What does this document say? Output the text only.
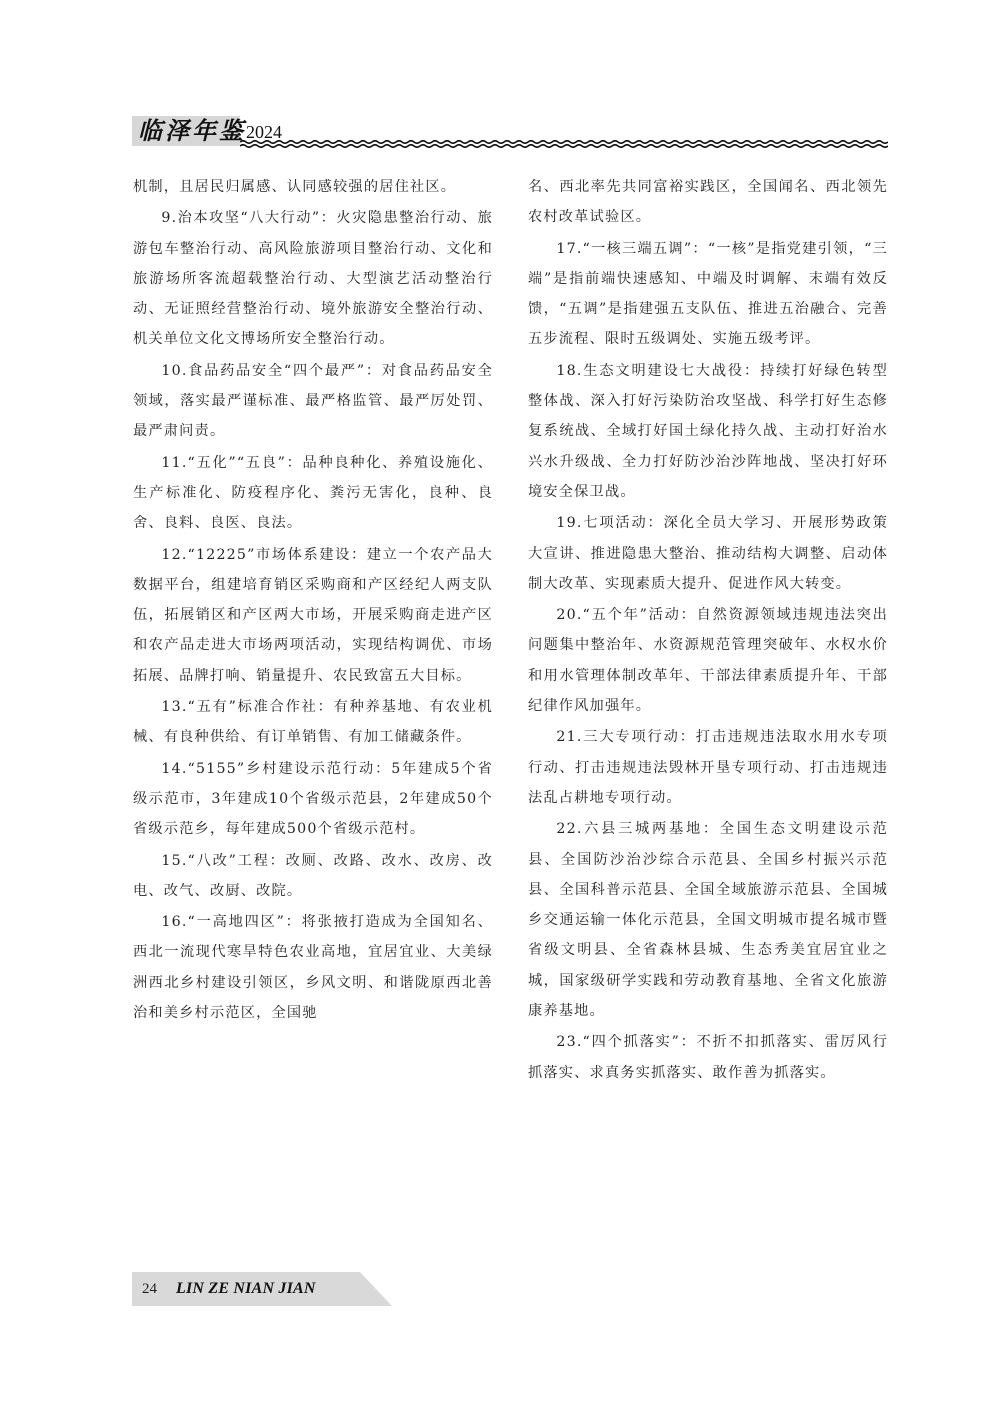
临泽年鉴 2024

机制，且居民归属感、认同感较强的居住社区。

9.治本攻坚“八大行动”：火灾隐患整治行动、旅游包车整治行动、高风险旅游项目整治行动、文化和旅游场所客流超载整治行动、大型演艺活动整治行动、无证照经营整治行动、境外旅游安全整治行动、机关单位文化文博场所安全整治行动。

10.食品药品安全“四个最严”：对食品药品安全领域，落实最严谨标准、最严格监管、最严厉处罚、最严肃问责。

11.“五化”“五良”：品种良种化、养殖设施化、生产标准化、防疫程序化、粪污无害化，良种、良舍、良料、良医、良法。

12.“12225”市场体系建设：建立一个农产品大数据平台，组建培育销区采购商和产区经纪人两支队伍，拓展销区和产区两大市场，开展采购商走进产区和农产品走进大市场两项活动，实现结构调优、市场拓展、品牌打响、销量提升、农民致富五大目标。

13.“五有”标准合作社：有种养基地、有农业机械、有良种供给、有订单销售、有加工储藏条件。

14.“5155”乡村建设示范行动：5年建成5个省级示范市，3年建成10个省级示范县，2年建成50个省级示范乡，每年建成500个省级示范村。

15.“八改”工程：改厕、改路、改水、改房、改电、改气、改厨、改院。

16.“一高地四区”：将张掖打造成为全国知名、西北一流现代寒旱特色农业高地，宜居宜业、大美绿洲西北乡村建设引领区，乡风文明、和谐陇原西北善治和美乡村示范区，全国驰

名、西北率先共同富裕实践区，全国闻名、西北领先农村改革试验区。

17.“一核三端五调”：“一核”是指党建引领，“三端”是指前端快速感知、中端及时调解、末端有效反馈，“五调”是指建强五支队伍、推进五治融合、完善五步流程、限时五级调处、实施五级考评。

18.生态文明建设七大战役：持续打好绿色转型整体战、深入打好污染防治攻坚战、科学打好生态修复系统战、全域打好国土绿化持久战、主动打好治水兴水升级战、全力打好防沙治沙阵地战、坚决打好环境安全保卫战。

19.七项活动：深化全员大学习、开展形势政策大宣讲、推进隐患大整治、推动结构大调整、启动体制大改革、实现素质大提升、促进作风大转变。

20.“五个年”活动：自然资源领域违规违法突出问题集中整治年、水资源规范管理突破年、水权水价和用水管理体制改革年、干部法律素质提升年、干部纪律作风加强年。

21.三大专项行动：打击违规违法取水用水专项行动、打击违规违法毁林开垦专项行动、打击违规违法乱占耕地专项行动。

22.六县三城两基地：全国生态文明建设示范县、全国防沙治沙综合示范县、全国乡村振兴示范县、全国科普示范县、全国全域旅游示范县、全国城乡交通运输一体化示范县，全国文明城市提名城市暨省级文明县、全省森林县城、生态秀美宜居宜业之城，国家级研学实践和劳动教育基地、全省文化旅游康养基地。

23.“四个抓落实”：不折不扣抓落实、雷厉风行抓落实、求真务实抓落实、敢作善为抓落实。

24 LIN ZE NIAN JIAN
